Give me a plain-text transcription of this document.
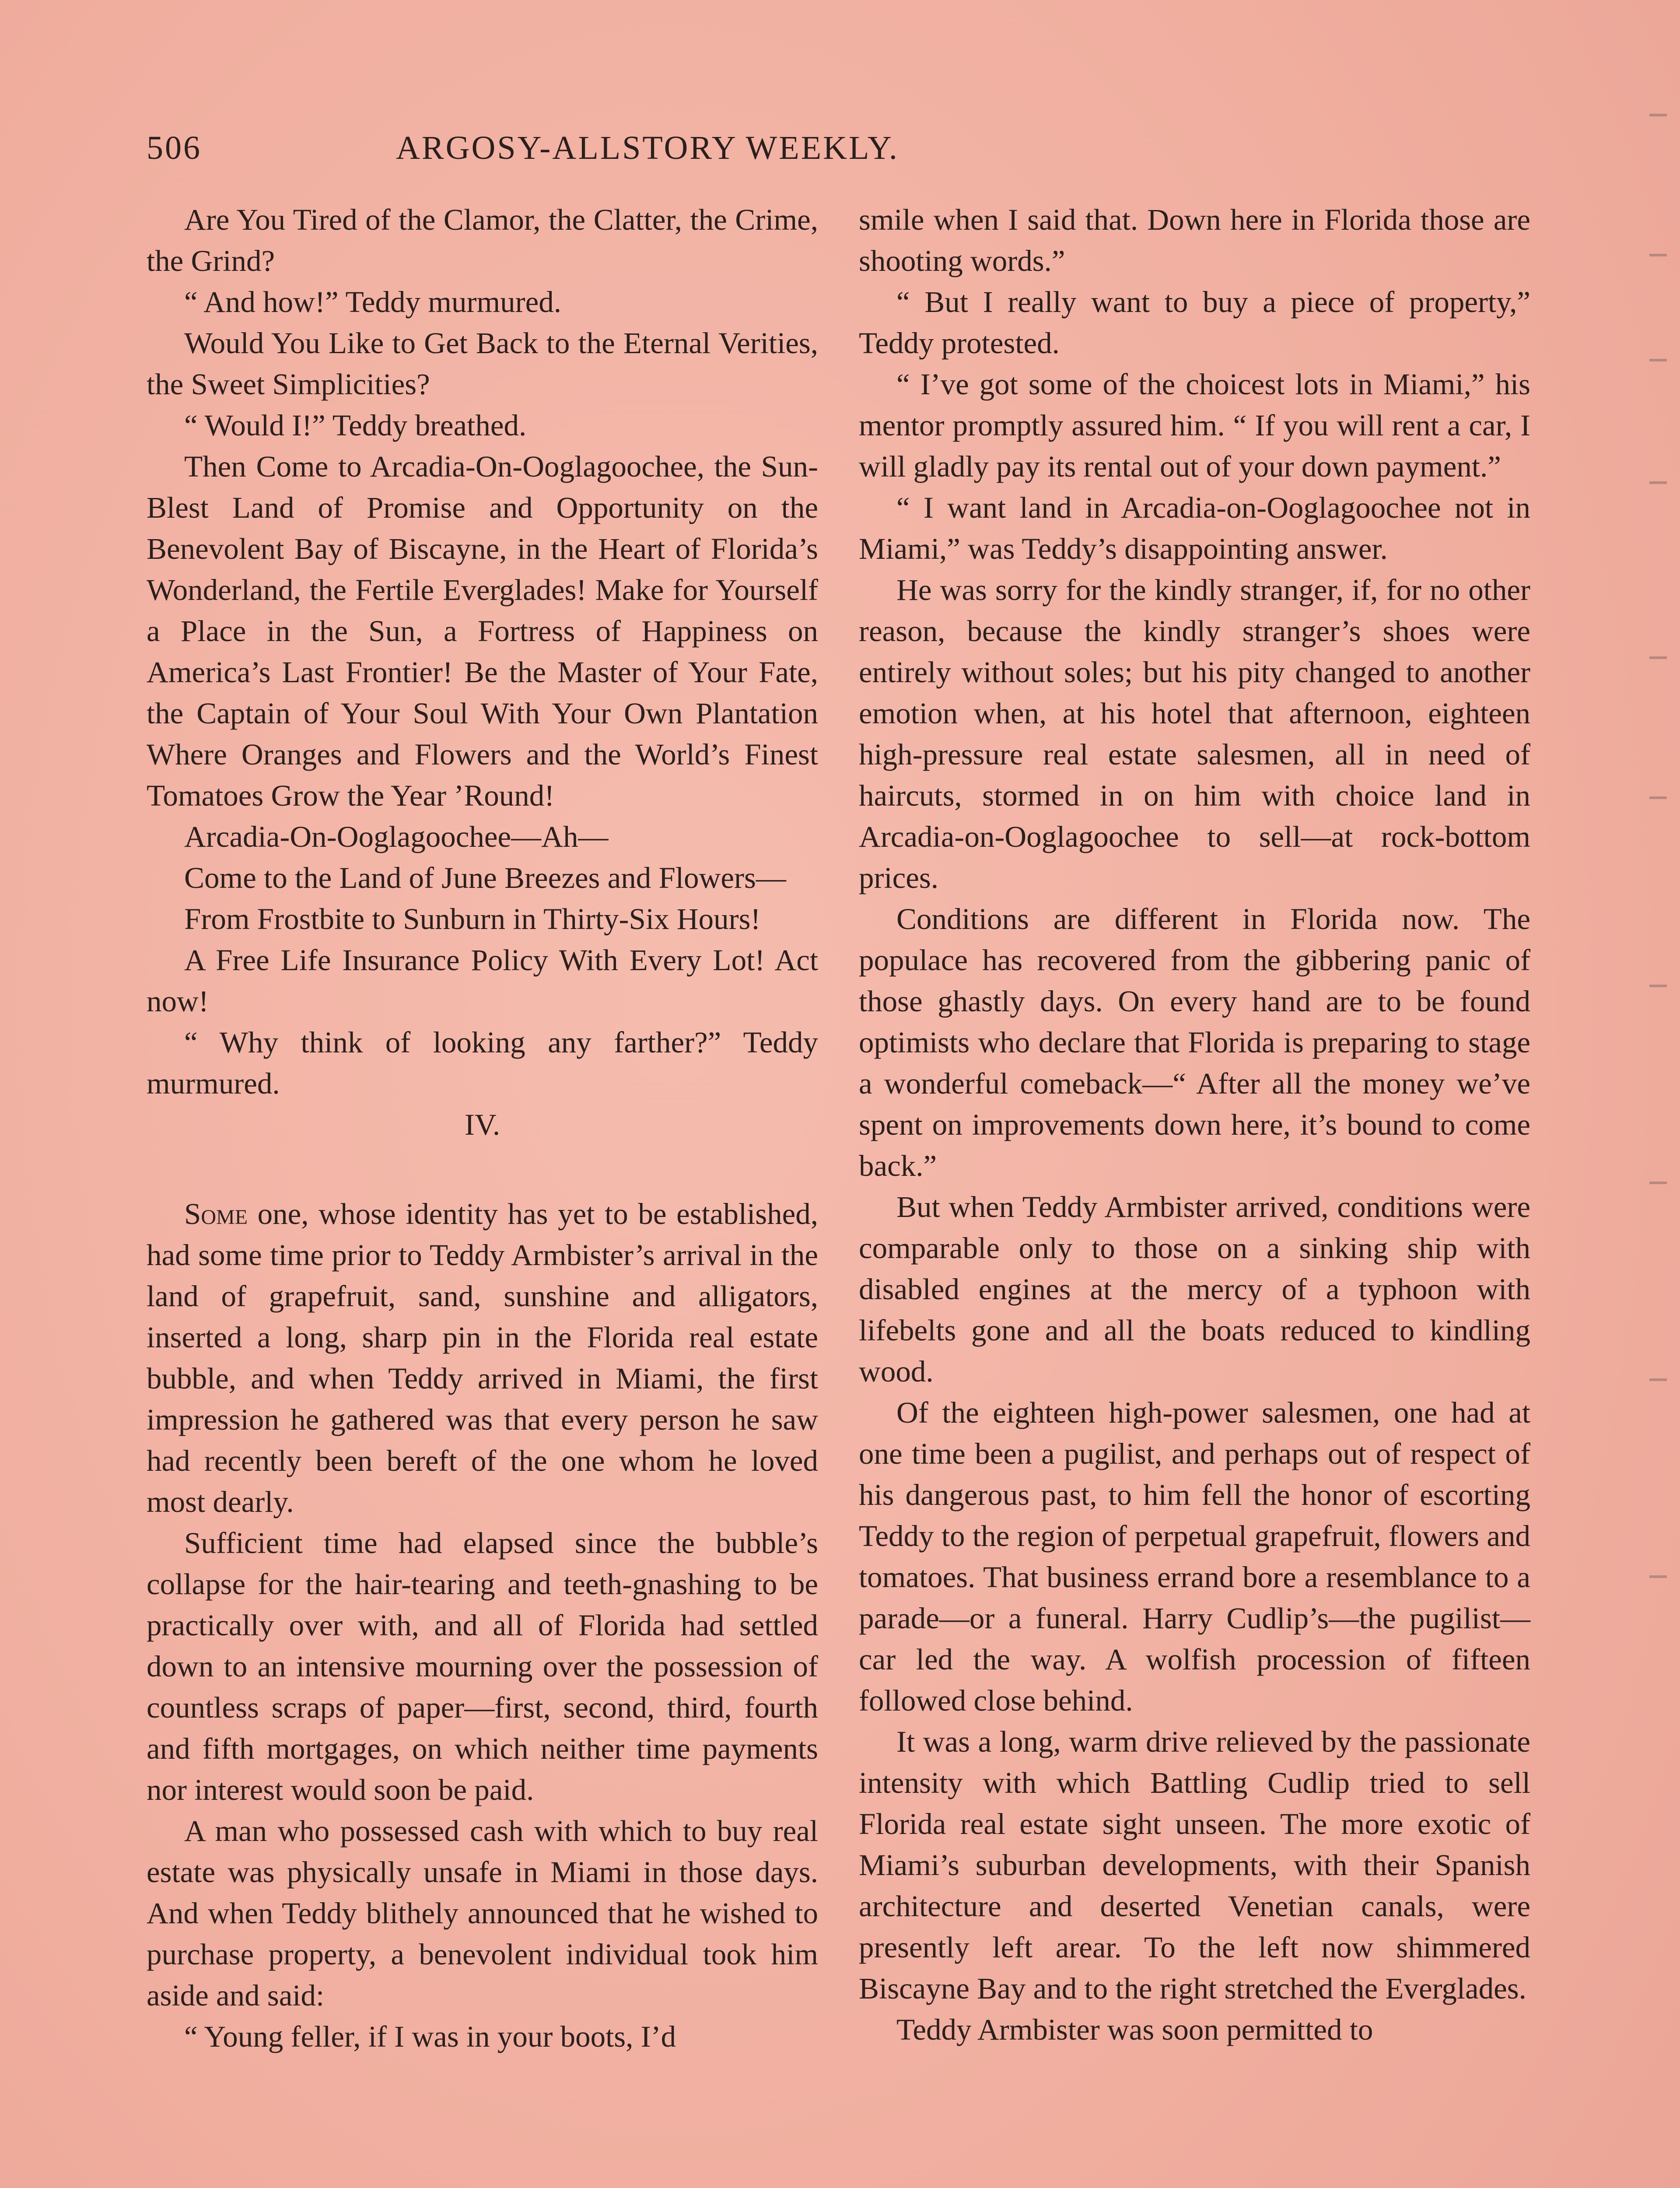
506	ARGOSY-ALLSTORY WEEKLY.

Are You Tired of the Clamor, the Clatter, the Crime, the Grind?

“ And how!” Teddy murmured.

Would You Like to Get Back to the Eternal Verities, the Sweet Simplicities?

“ Would I!” Teddy breathed.

Then Come to Arcadia-On-Ooglagoochee, the Sun-Blest Land of Promise and Opportunity on the Benevolent Bay of Biscayne, in the Heart of Florida’s Wonderland, the Fertile Everglades! Make for Yourself a Place in the Sun, a Fortress of Happiness on America’s Last Frontier! Be the Master of Your Fate, the Captain of Your Soul With Your Own Plantation Where Oranges and Flowers and the World’s Finest Tomatoes Grow the Year ’Round!

Arcadia-On-Ooglagoochee—Ah—

Come to the Land of June Breezes and Flowers—

From Frostbite to Sunburn in Thirty-Six Hours!

A Free Life Insurance Policy With Every Lot! Act now!

“ Why think of looking any farther?” Teddy murmured.

IV.

Some one, whose identity has yet to be established, had some time prior to Teddy Armbister’s arrival in the land of grapefruit, sand, sunshine and alligators, inserted a long, sharp pin in the Florida real estate bubble, and when Teddy arrived in Miami, the first impression he gathered was that every person he saw had recently been bereft of the one whom he loved most dearly.

Sufficient time had elapsed since the bubble’s collapse for the hair-tearing and teeth-gnashing to be practically over with, and all of Florida had settled down to an intensive mourning over the possession of countless scraps of paper—first, second, third, fourth and fifth mortgages, on which neither time payments nor interest would soon be paid.

A man who possessed cash with which to buy real estate was physically unsafe in Miami in those days. And when Teddy blithely announced that he wished to purchase property, a benevolent individual took him aside and said:

“ Young feller, if I was in your boots, I’d

smile when I said that. Down here in Florida those are shooting words.”

“ But I really want to buy a piece of property,” Teddy protested.

“ I’ve got some of the choicest lots in Miami,” his mentor promptly assured him. “ If you will rent a car, I will gladly pay its rental out of your down payment.”

“ I want land in Arcadia-on-Ooglagoochee not in Miami,” was Teddy’s disappointing answer.

He was sorry for the kindly stranger, if, for no other reason, because the kindly stranger’s shoes were entirely without soles; but his pity changed to another emotion when, at his hotel that afternoon, eighteen high-pressure real estate salesmen, all in need of haircuts, stormed in on him with choice land in Arcadia-on-Ooglagoochee to sell—at rock-bottom prices.

Conditions are different in Florida now. The populace has recovered from the gibbering panic of those ghastly days. On every hand are to be found optimists who declare that Florida is preparing to stage a wonderful comeback—“ After all the money we’ve spent on improvements down here, it’s bound to come back.”

But when Teddy Armbister arrived, conditions were comparable only to those on a sinking ship with disabled engines at the mercy of a typhoon with lifebelts gone and all the boats reduced to kindling wood.

Of the eighteen high-power salesmen, one had at one time been a pugilist, and perhaps out of respect of his dangerous past, to him fell the honor of escorting Teddy to the region of perpetual grapefruit, flowers and tomatoes. That business errand bore a resemblance to a parade—or a funeral. Harry Cudlip’s—the pugilist—car led the way. A wolfish procession of fifteen followed close behind.

It was a long, warm drive relieved by the passionate intensity with which Battling Cudlip tried to sell Florida real estate sight unseen. The more exotic of Miami’s suburban developments, with their Spanish architecture and deserted Venetian canals, were presently left arear. To the left now shimmered Biscayne Bay and to the right stretched the Everglades.

Teddy Armbister was soon permitted to
